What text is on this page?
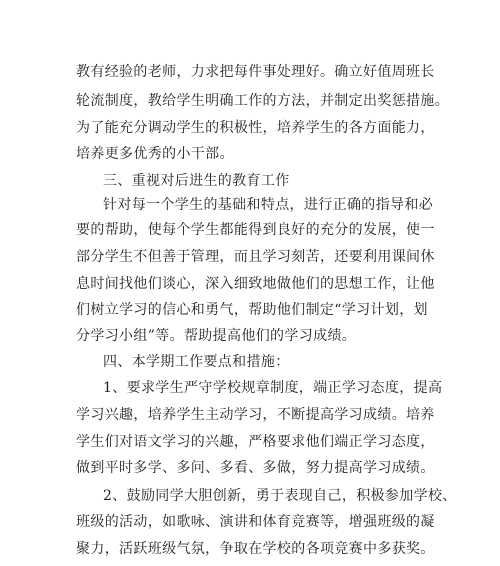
教有经验的老师，力求把每件事处理好。确立好值周班长
轮流制度，教给学生明确工作的方法，并制定出奖惩措施。
为了能充分调动学生的积极性，培养学生的各方面能力，
培养更多优秀的小干部。
三、重视对后进生的教育工作
针对每一个学生的基础和特点，进行正确的指导和必
要的帮助，使每个学生都能得到良好的充分的发展，使一
部分学生不但善于管理，而且学习刻苦，还要利用课间休
息时间找他们谈心，深入细致地做他们的思想工作，让他
们树立学习的信心和勇气，帮助他们制定“学习计划，划
分学习小组”等。帮助提高他们的学习成绩。
四、本学期工作要点和措施：
1、要求学生严守学校规章制度，端正学习态度，提高
学习兴趣，培养学生主动学习，不断提高学习成绩。培养
学生们对语文学习的兴趣，严格要求他们端正学习态度，
做到平时多学、多问、多看、多做，努力提高学习成绩。
2、鼓励同学大胆创新，勇于表现自己，积极参加学校、
班级的活动，如歌咏、演讲和体育竞赛等，增强班级的凝
聚力，活跃班级气氛，争取在学校的各项竞赛中多获奖。
